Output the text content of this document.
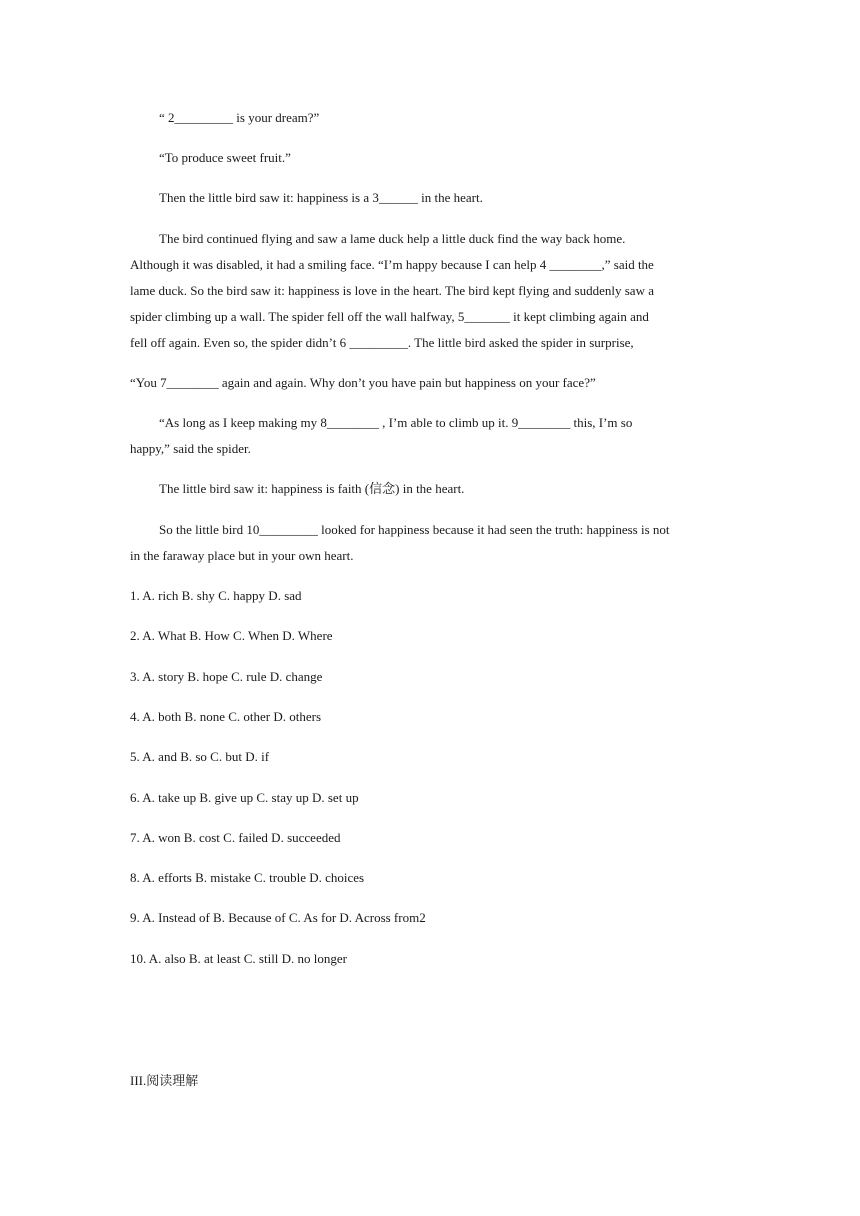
“ 2_________ is your dream?”
“To produce sweet fruit.”
Then the little bird saw it: happiness is a 3______ in the heart.
The bird continued flying and saw a lame duck help a little duck find the way back home.
Although it was disabled, it had a smiling face. “I’m happy because I can help 4 ________,” said the
lame duck. So the bird saw it: happiness is love in the heart. The bird kept flying and suddenly saw a
spider climbing up a wall. The spider fell off the wall halfway, 5_______ it kept climbing again and
fell off again. Even so, the spider didn’t 6 _________. The little bird asked the spider in surprise,
“You 7________ again and again. Why don’t you have pain but happiness on your face?”
“As long as I keep making my 8________ , I’m able to climb up it. 9________ this, I’m so
happy,” said the spider.
The little bird saw it: happiness is faith (信念) in the heart.
So the little bird 10_________ looked for happiness because it had seen the truth: happiness is not
in the faraway place but in your own heart.
1. A. rich B. shy C. happy D. sad
2. A. What B. How C. When D. Where
3. A. story B. hope C. rule D. change
4. A. both B. none C. other D. others
5. A. and B. so C. but D. if
6. A. take up B. give up C. stay up D. set up
7. A. won B. cost C. failed D. succeeded
8. A. efforts B. mistake C. trouble D. choices
9. A. Instead of B. Because of C. As for D. Across from2
10. A. also B. at least C. still D. no longer
III.阅读理解
